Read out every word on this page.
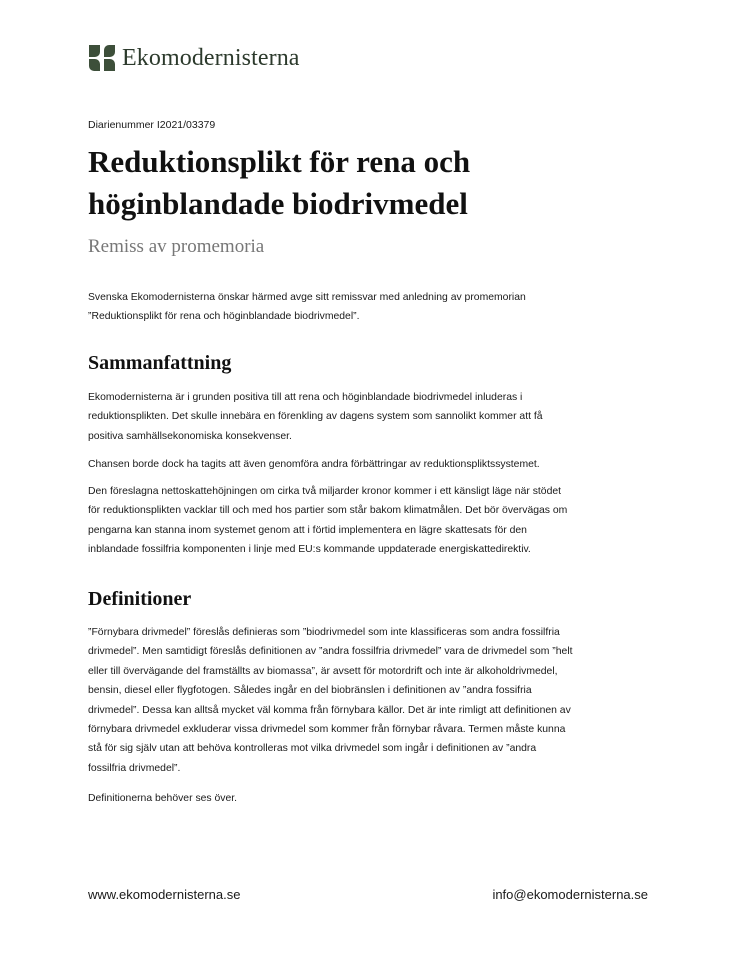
Ekomodernisterna
Diarienummer I2021/03379
Reduktionsplikt för rena och
höginblandade biodrivmedel
Remiss av promemoria

Svenska Ekomodernisterna önskar härmed avge sitt remissvar med anledning av promemorian
”Reduktionsplikt för rena och höginblandade biodrivmedel”.

Sammanfattning

Ekomodernisterna är i grunden positiva till att rena och höginblandade biodrivmedel inluderas i
reduktionsplikten. Det skulle innebära en förenkling av dagens system som sannolikt kommer att få
positiva samhällsekonomiska konsekvenser.

Chansen borde dock ha tagits att även genomföra andra förbättringar av reduktionspliktssystemet.

Den föreslagna nettoskattehöjningen om cirka två miljarder kronor kommer i ett känsligt läge när stödet
för reduktionsplikten vacklar till och med hos partier som står bakom klimatmålen. Det bör övervägas om
pengarna kan stanna inom systemet genom att i förtid implementera en lägre skattesats för den
inblandade fossilfria komponenten i linje med EU:s kommande uppdaterade energiskattedirektiv.

Definitioner

”Förnybara drivmedel” föreslås definieras som ”biodrivmedel som inte klassificeras som andra fossilfria
drivmedel”. Men samtidigt föreslås definitionen av ”andra fossilfria drivmedel” vara de drivmedel som ”helt
eller till övervägande del framställts av biomassa”, är avsett för motordrift och inte är alkoholdrivmedel,
bensin, diesel eller flygfotogen. Således ingår en del biobränslen i definitionen av ”andra fossifria
drivmedel”. Dessa kan alltså mycket väl komma från förnybara källor. Det är inte rimligt att definitionen av
förnybara drivmedel exkluderar vissa drivmedel som kommer från förnybar råvara. Termen måste kunna
stå för sig själv utan att behöva kontrolleras mot vilka drivmedel som ingår i definitionen av ”andra
fossilfria drivmedel”.

Definitionerna behöver ses över.

www.ekomodernisterna.se	info@ekomodernisterna.se
